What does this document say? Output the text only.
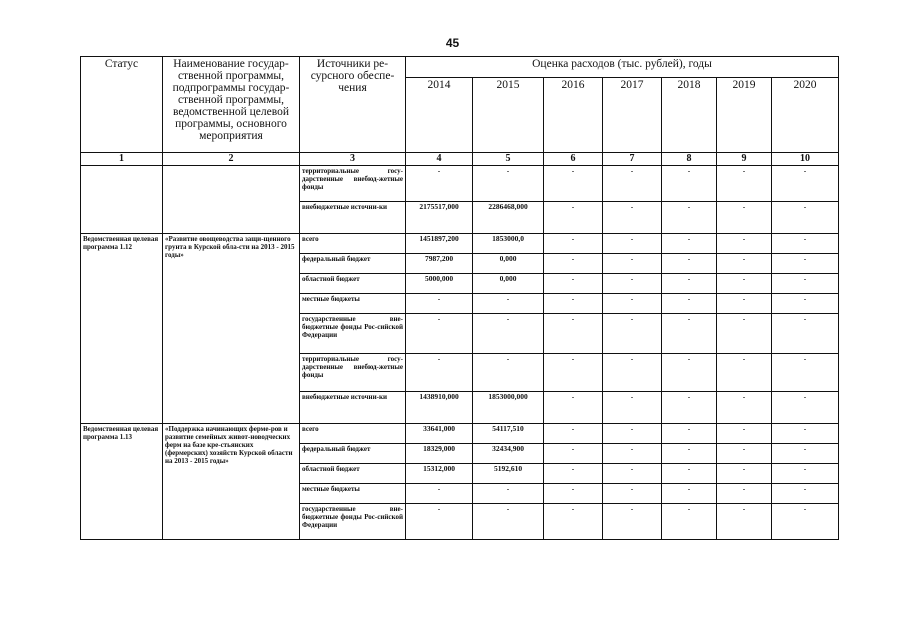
45
Статус	Наименование государ-ственной программы, подпрограммы государ-ственной программы, ведомственной целевой программы, основного мероприятия	Источники ре-сурсного обеспе-чения	Оценка расходов (тыс. рублей), годы						
			2014	2015	2016	2017	2018	2019	2020
1	2	3	4	5	6	7	8	9	10
		территориальные госу-дарственные внебюд-жетные фонды	-	-	-	-	-	-	-
		внебюджетные источни-ки	2175517,000	2286468,000	-	-	-	-	-
Ведомственная целевая программа 1.12	«Развитие овощеводства защи-щенного грунта в Курской обла-сти на 2013 - 2015 годы»	всего	1451897,200	1853000,0	-	-	-	-	-
		федеральный бюджет	7987,200	0,000	-	-	-	-	-
		областной бюджет	5000,000	0,000	-	-	-	-	-
		местные бюджеты	-	-	-	-	-	-	-
		государственные вне-бюджетные фонды Рос-сийской Федерации	-	-	-	-	-	-	-
		территориальные госу-дарственные внебюд-жетные фонды	-	-	-	-	-	-	-
		внебюджетные источни-ки	1438910,000	1853000,000	-	-	-	-	-
Ведомственная целевая программа 1.13	«Поддержка начинающих ферме-ров и развитие семейных живот-новодческих ферм на базе кре-стьянских (фермерских) хозяйств Курской области на 2013 - 2015 годы»	всего	33641,000	54117,510	-	-	-	-	-
		федеральный бюджет	18329,000	32434,900	-	-	-	-	-
		областной бюджет	15312,000	5192,610	-	-	-	-	-
		местные бюджеты	-	-	-	-	-	-	-
		государственные вне-бюджетные фонды Рос-сийской Федерации	-	-	-	-	-	-	-
